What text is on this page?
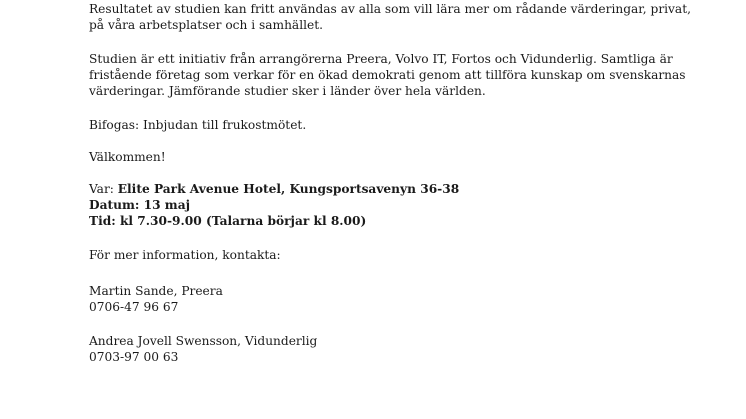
Resultatet av studien kan fritt användas av alla som vill lära mer om rådande värderingar, privat,
på våra arbetsplatser och i samhället.

Studien är ett initiativ från arrangörerna Preera, Volvo IT, Fortos och Vidunderlig. Samtliga är
fristående företag som verkar för en ökad demokrati genom att tillföra kunskap om svenskarnas
värderingar. Jämförande studier sker i länder över hela världen.

Bifogas: Inbjudan till frukostmötet.

Välkommen!

Var: Elite Park Avenue Hotel, Kungsportsavenyn 36-38
Datum: 13 maj
Tid: kl 7.30-9.00 (Talarna börjar kl 8.00)

För mer information, kontakta:

Martin Sande, Preera
0706-47 96 67

Andrea Jovell Swensson, Vidunderlig
0703-97 00 63
